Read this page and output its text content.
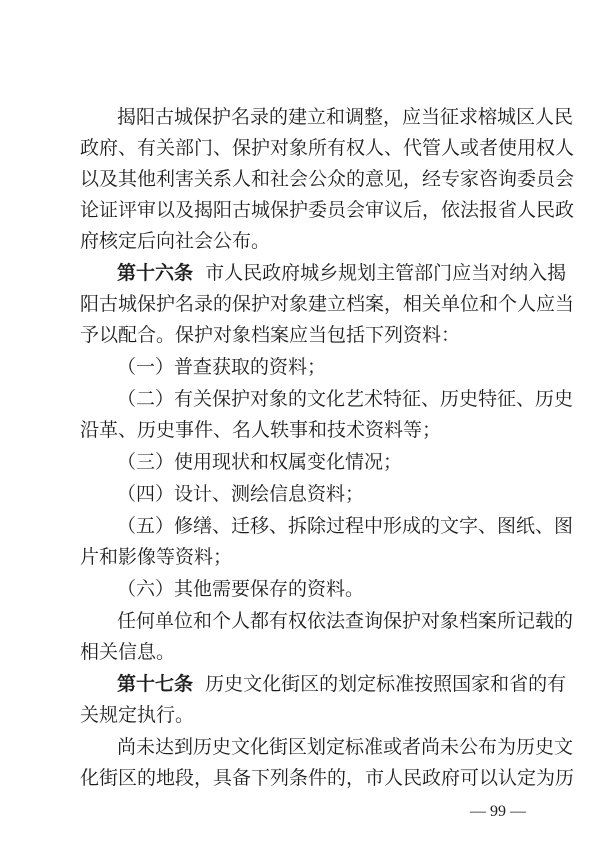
揭阳古城保护名录的建立和调整，应当征求榕城区人民
政府、有关部门、保护对象所有权人、代管人或者使用权人
以及其他利害关系人和社会公众的意见，经专家咨询委员会
论证评审以及揭阳古城保护委员会审议后，依法报省人民政
府核定后向社会公布。
第十六条 市人民政府城乡规划主管部门应当对纳入揭
阳古城保护名录的保护对象建立档案，相关单位和个人应当
予以配合。保护对象档案应当包括下列资料：
（一）普查获取的资料；
（二）有关保护对象的文化艺术特征、历史特征、历史
沿革、历史事件、名人轶事和技术资料等；
（三）使用现状和权属变化情况；
（四）设计、测绘信息资料；
（五）修缮、迁移、拆除过程中形成的文字、图纸、图
片和影像等资料；
（六）其他需要保存的资料。
任何单位和个人都有权依法查询保护对象档案所记载的
相关信息。
第十七条 历史文化街区的划定标准按照国家和省的有
关规定执行。
尚未达到历史文化街区划定标准或者尚未公布为历史文
化街区的地段，具备下列条件的，市人民政府可以认定为历
— 99 —
